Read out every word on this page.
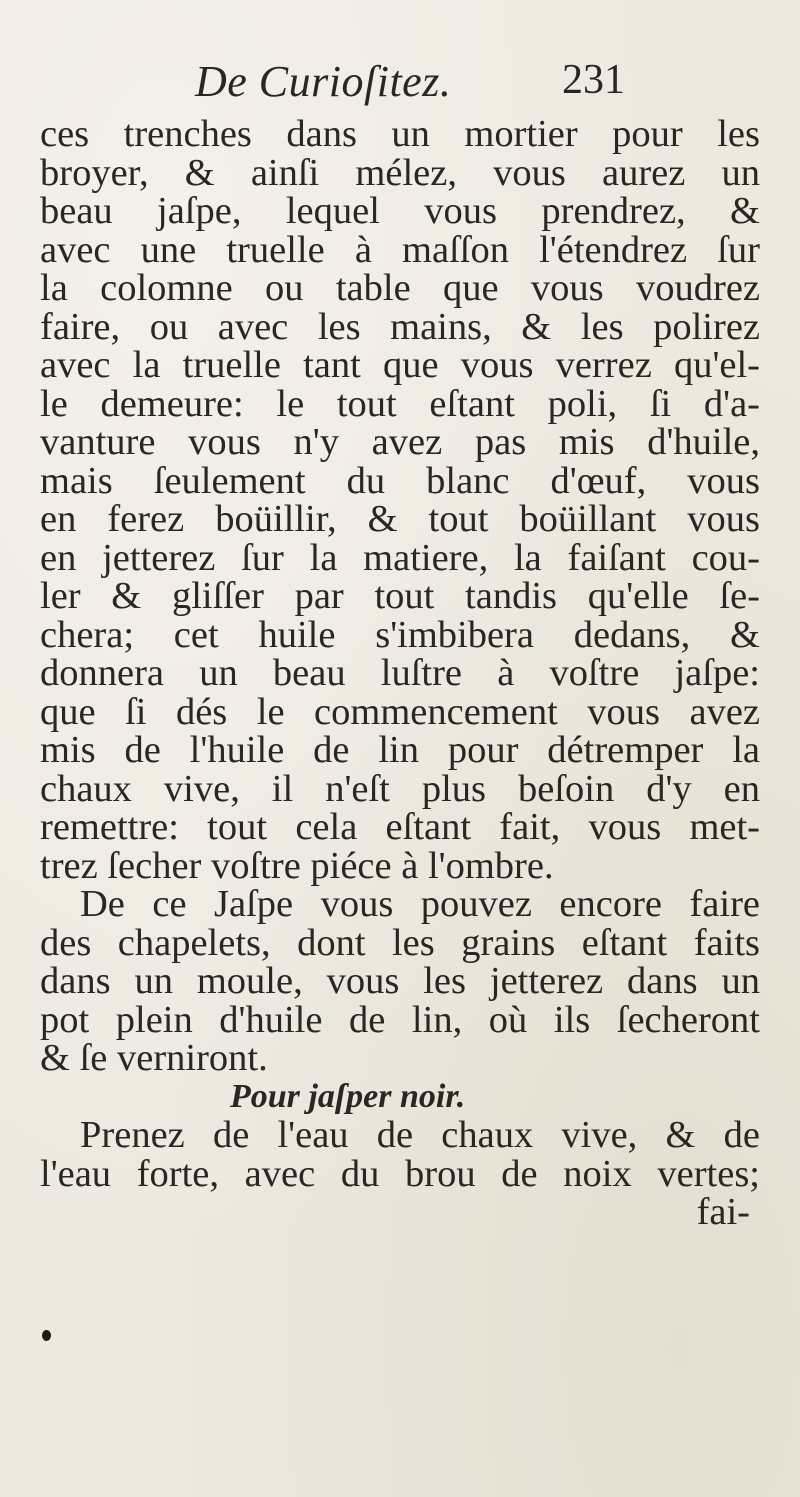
De Curioſitez.	231
ces trenches dans un mortier pour les
broyer, & ainſi mélez, vous aurez un
beau jaſpe, lequel vous prendrez, &
avec une truelle à maſſon l'étendrez ſur
la colomne ou table que vous voudrez
faire, ou avec les mains, & les polirez
avec la truelle tant que vous verrez qu'el-
le demeure: le tout eſtant poli, ſi d'a-
vanture vous n'y avez pas mis d'huile,
mais ſeulement du blanc d'œuf, vous
en ferez boüillir, & tout boüillant vous
en jetterez ſur la matiere, la faiſant cou-
ler & gliſſer par tout tandis qu'elle ſe-
chera; cet huile s'imbibera dedans, &
donnera un beau luſtre à voſtre jaſpe:
que ſi dés le commencement vous avez
mis de l'huile de lin pour détremper la
chaux vive, il n'eſt plus beſoin d'y en
remettre: tout cela eſtant fait, vous met-
trez ſecher voſtre piéce à l'ombre.
De ce Jaſpe vous pouvez encore faire
des chapelets, dont les grains eſtant faits
dans un moule, vous les jetterez dans un
pot plein d'huile de lin, où ils ſecheront
& ſe verniront.
Pour jaſper noir.
Prenez de l'eau de chaux vive, & de
l'eau forte, avec du brou de noix vertes;
fai-
